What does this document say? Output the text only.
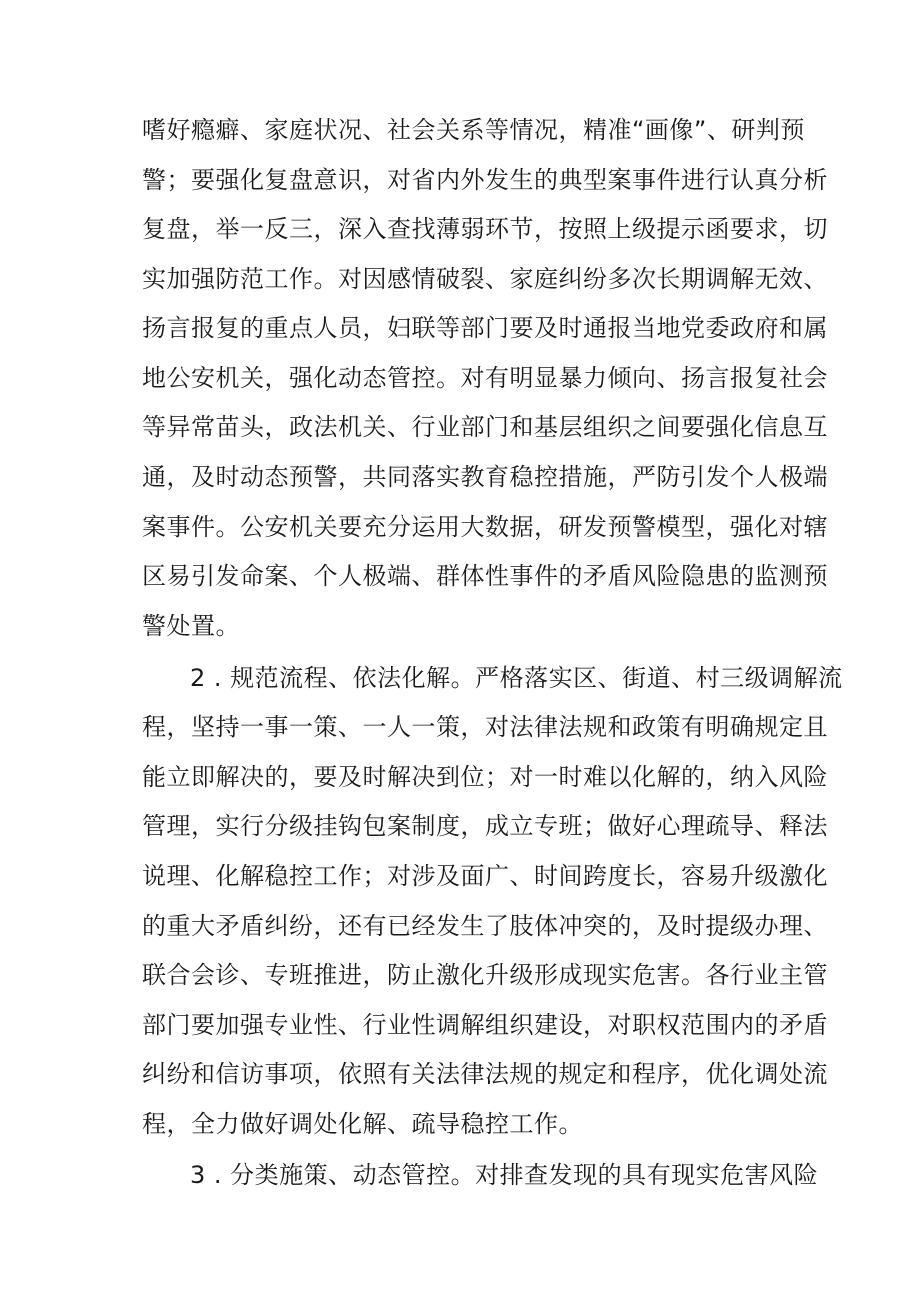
嗜好瘾癖、家庭状况、社会关系等情况，精准“画像”、研判预
警；要强化复盘意识，对省内外发生的典型案事件进行认真分析
复盘，举一反三，深入查找薄弱环节，按照上级提示函要求，切
实加强防范工作。对因感情破裂、家庭纠纷多次长期调解无效、
扬言报复的重点人员，妇联等部门要及时通报当地党委政府和属
地公安机关，强化动态管控。对有明显暴力倾向、扬言报复社会
等异常苗头，政法机关、行业部门和基层组织之间要强化信息互
通，及时动态预警，共同落实教育稳控措施，严防引发个人极端
案事件。公安机关要充分运用大数据，研发预警模型，强化对辖
区易引发命案、个人极端、群体性事件的矛盾风险隐患的监测预
警处置。
2 . 规范流程、依法化解。严格落实区、街道、村三级调解流
程，坚持一事一策、一人一策，对法律法规和政策有明确规定且
能立即解决的，要及时解决到位；对一时难以化解的，纳入风险
管理，实行分级挂钩包案制度，成立专班；做好心理疏导、释法
说理、化解稳控工作；对涉及面广、时间跨度长，容易升级激化
的重大矛盾纠纷，还有已经发生了肢体冲突的，及时提级办理、
联合会诊、专班推进，防止激化升级形成现实危害。各行业主管
部门要加强专业性、行业性调解组织建设，对职权范围内的矛盾
纠纷和信访事项，依照有关法律法规的规定和程序，优化调处流
程，全力做好调处化解、疏导稳控工作。
3 . 分类施策、动态管控。对排查发现的具有现实危害风险
